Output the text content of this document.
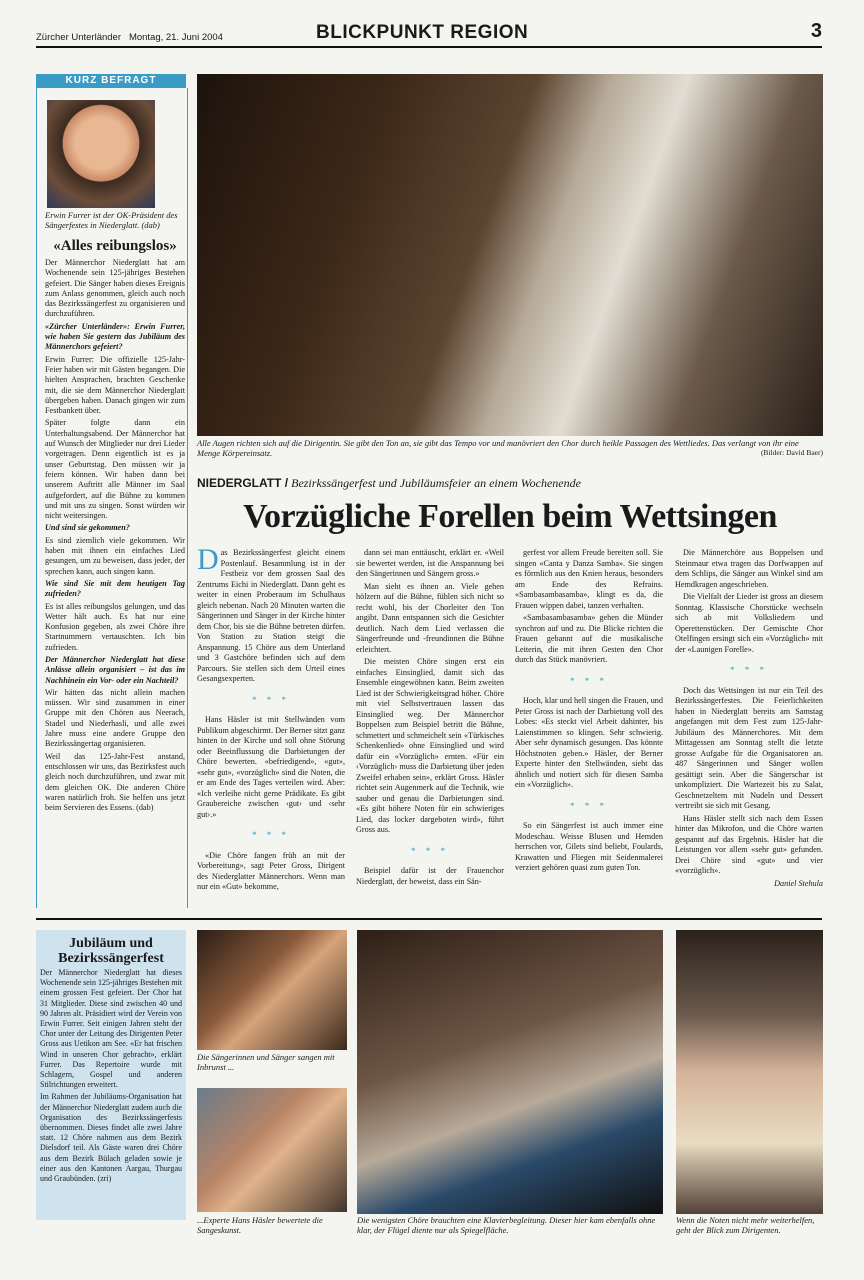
Zürcher Unterländer Montag, 21. Juni 2004	BLICKPUNKT REGION	3
KURZ BEFRAGT
Erwin Furrer ist der OK-Präsident des Sängerfestes in Niederglatt. (dab)
«Alles reibungslos»

Der Männerchor Niederglatt hat am Wochenende sein 125-jähriges Bestehen gefeiert. Die Sänger haben dieses Ereignis zum Anlass genommen, gleich auch noch das Bezirkssängerfest zu organisieren und durchzuführen.

«Zürcher Unterländer»: Erwin Furrer, wie haben Sie gestern das Jubiläum des Männerchors gefeiert?

Erwin Furrer: Die offizielle 125-Jahr-Feier haben wir mit Gästen begangen. Die hielten Ansprachen, brachten Geschenke mit, die sie dem Männerchor Niederglatt übergeben haben. Danach gingen wir zum Festbankett über.

Später folgte dann ein Unterhaltungsabend. Der Männerchor hat auf Wunsch der Mitglieder nur drei Lieder vorgetragen. Denn eigentlich ist es ja unser Geburtstag. Den müssen wir ja feiern können. Wir haben dann bei unserem Auftritt alle Männer im Saal aufgefordert, auf die Bühne zu kommen und mit uns zu singen. Sonst würden wir nicht weitersingen.

Und sind sie gekommen?

Es sind ziemlich viele gekommen. Wir haben mit ihnen ein einfaches Lied gesungen, um zu beweisen, dass jeder, der sprechen kann, auch singen kann.

Wie sind Sie mit dem heutigen Tag zufrieden?

Es ist alles reibungslos gelungen, und das Wetter hält auch. Es hat nur eine Konfusion gegeben, als zwei Chöre ihre Startnummern vertauschten. Ich bin zufrieden.

Der Männerchor Niederglatt hat diese Anlässe allein organisiert – ist das im Nachhinein ein Vor- oder ein Nachteil?

Wir hätten das nicht allein machen müssen. Wir sind zusammen in einer Gruppe mit den Chören aus Neerach, Stadel und Niederhasli, und alle zwei Jahre muss eine andere Gruppe den Bezirkssängertag organisieren.

Weil das 125-Jahr-Fest anstand, entschlossen wir uns, das Bezirksfest auch gleich noch durchzuführen, und zwar mit dem gleichen OK. Die anderen Chöre waren natürlich froh. Sie helfen uns jetzt beim Servieren des Essens. (dab)

Alle Augen richten sich auf die Dirigentin. Sie gibt den Ton an, sie gibt das Tempo vor und manövriert den Chor durch heikle Passagen des Wettliedes. Das verlangt von ihr eine Menge Körpereinsatz.	(Bilder: David Baer)
NIEDERGLATT / Bezirkssängerfest und Jubiläumsfeier an einem Wochenende
Vorzügliche Forellen beim Wettsingen

Das Bezirkssängerfest gleicht einem Postenlauf. Besammlung ist in der Festbeiz vor dem grossen Saal des Zentrums Eichi in Niederglatt. Dann geht es weiter in einen Proberaum im Schulhaus gleich nebenan. Nach 20 Minuten warten die Sängerinnen und Sänger in der Kirche hinter dem Chor, bis sie die Bühne betreten dürfen. Von Station zu Station steigt die Anspannung. 15 Chöre aus dem Unterland und 3 Gastchöre befinden sich auf dem Parcours. Sie stellen sich dem Urteil eines Gesangsexperten.

* * *

Hans Häsler ist mit Stellwänden vom Publikum abgeschirmt. Der Berner sitzt ganz hinten in der Kirche und soll ohne Störung oder Beeinflussung die Darbietungen der Chöre bewerten. «befriedigend», «gut», «sehr gut», «vorzüglich» sind die Noten, die er am Ende des Tages verteilen wird. Aber: «Ich verleihe nicht gerne Prädikate. Es gibt Graubereiche zwischen ‹gut› und ‹sehr gut›.»

* * *

«Die Chöre fangen früh an mit der Vorbereitung», sagt Peter Gross, Dirigent des Niederglatter Männerchors. Wenn man nur ein «Gut» bekomme,

dann sei man enttäuscht, erklärt er. «Weil sie bewertet werden, ist die Anspannung bei den Sängerinnen und Sängern gross.»

Man sieht es ihnen an. Viele gehen hölzern auf die Bühne, fühlen sich nicht so recht wohl, bis der Chorleiter den Ton angibt. Dann entspannen sich die Gesichter deutlich. Nach dem Lied verlassen die Sängerfreunde und -freundinnen die Bühne erleichtert.

Die meisten Chöre singen erst ein einfaches Einsinglied, damit sich das Ensemble eingewöhnen kann. Beim zweiten Lied ist der Schwierigkeitsgrad höher. Chöre mit viel Selbstvertrauen lassen das Einsinglied weg. Der Männerchor Boppelsen zum Beispiel betritt die Bühne, schmettert und schmeichelt sein «Türkisches Schenkenlied» ohne Einsinglied und wird dafür ein «Vorzüglich» ernten. «Für ein ‹Vorzüglich› muss die Darbietung über jeden Zweifel erhaben sein», erklärt Gross. Häsler richtet sein Augenmerk auf die Technik, wie sauber und genau die Darbietungen sind. «Es gibt höhere Noten für ein schwieriges Lied, das locker dargeboten wird», führt Gross aus.

* * *

Beispiel dafür ist der Frauenchor Niederglatt, der beweist, dass ein Sän-

gerfest vor allem Freude bereiten soll. Sie singen «Canta y Danza Samba». Sie singen es förmlich aus den Knien heraus, besonders am Ende des Refrains. «Sambasambasamba», klingt es da, die Frauen wippen dabei, tanzen verhalten.

«Sambasambasamba» gehen die Münder synchron auf und zu. Die Blicke richten die Frauen gebannt auf die musikalische Leiterin, die mit ihren Gesten den Chor durch das Stück manövriert.

* * *

Hoch, klar und hell singen die Frauen, und Peter Gross ist nach der Darbietung voll des Lobes: «Es steckt viel Arbeit dahinter, bis Laienstimmen so klingen. Sehr schwierig. Aber sehr dynamisch gesungen. Das könnte Höchstnoten geben.» Häsler, der Berner Experte hinter den Stellwänden, sieht das ähnlich und notiert sich für diesen Samba ein «Vorzüglich».

* * *

So ein Sängerfest ist auch immer eine Modeschau. Weisse Blusen und Hemden herrschen vor, Gilets sind beliebt, Foulards, Krawatten und Fliegen mit Seidenmalerei verziert gehören quasi zum guten Ton.

Die Männerchöre aus Boppelsen und Steinmaur etwa tragen das Dorfwappen auf dem Schlips, die Sänger aus Winkel sind am Hemdkragen angeschrieben.

Die Vielfalt der Lieder ist gross an diesem Sonntag. Klassische Chorstücke wechseln sich ab mit Volksliedern und Operettenstücken. Der Gemischte Chor Otelfingen ersingt sich ein «Vorzüglich» mit der «Launigen Forelle».

* * *

Doch das Wettsingen ist nur ein Teil des Bezirkssängerfestes. Die Feierlichkeiten haben in Niederglatt bereits am Samstag angefangen mit dem Fest zum 125-Jahr-Jubiläum des Männerchores. Mit dem Mittagessen am Sonntag stellt die letzte grosse Aufgabe für die Organisatoren an. 487 Sängerinnen und Sänger wollen gesättigt sein. Aber die Sängerschar ist unkompliziert. Die Wartezeit bis zu Salat, Geschnetzeltem mit Nudeln und Dessert vertreibt sie sich mit Gesang.

Hans Häsler stellt sich nach dem Essen hinter das Mikrofon, und die Chöre warten gespannt auf das Ergebnis. Häsler hat die Leistungen vor allem «sehr gut» gefunden. Drei Chöre sind «gut» und vier «vorzüglich».

Daniel Stehula

Jubiläum und Bezirkssängerfest

Der Männerchor Niederglatt hat dieses Wochenende sein 125-jähriges Bestehen mit einem grossen Fest gefeiert. Der Chor hat 31 Mitglieder. Diese sind zwischen 40 und 90 Jahren alt. Präsidiert wird der Verein von Erwin Furrer. Seit einigen Jahren steht der Chor unter der Leitung des Dirigenten Peter Gross aus Uetikon am See. «Er hat frischen Wind in unseren Chor gebracht», erklärt Furrer. Das Repertoire wurde mit Schlagern, Gospel und anderen Stilrichtungen erweitert.

Im Rahmen der Jubiläums-Organisation hat der Männerchor Niederglatt zudem auch die Organisation des Bezirkssängerfests übernommen. Dieses findet alle zwei Jahre statt. 12 Chöre nahmen aus dem Bezirk Dielsdorf teil. Als Gäste waren drei Chöre aus dem Bezirk Bülach geladen sowie je einer aus den Kantonen Aargau, Thurgau und Graubünden. (zri)

Die Sängerinnen und Sänger sangen mit Inbrunst ...
...Experte Hans Häsler bewertete die Sangeskunst.
Die wenigsten Chöre brauchten eine Klavierbegleitung. Dieser hier kam ebenfalls ohne klar, der Flügel diente nur als Spiegelfläche.
Wenn die Noten nicht mehr weiterhelfen, geht der Blick zum Dirigenten.
